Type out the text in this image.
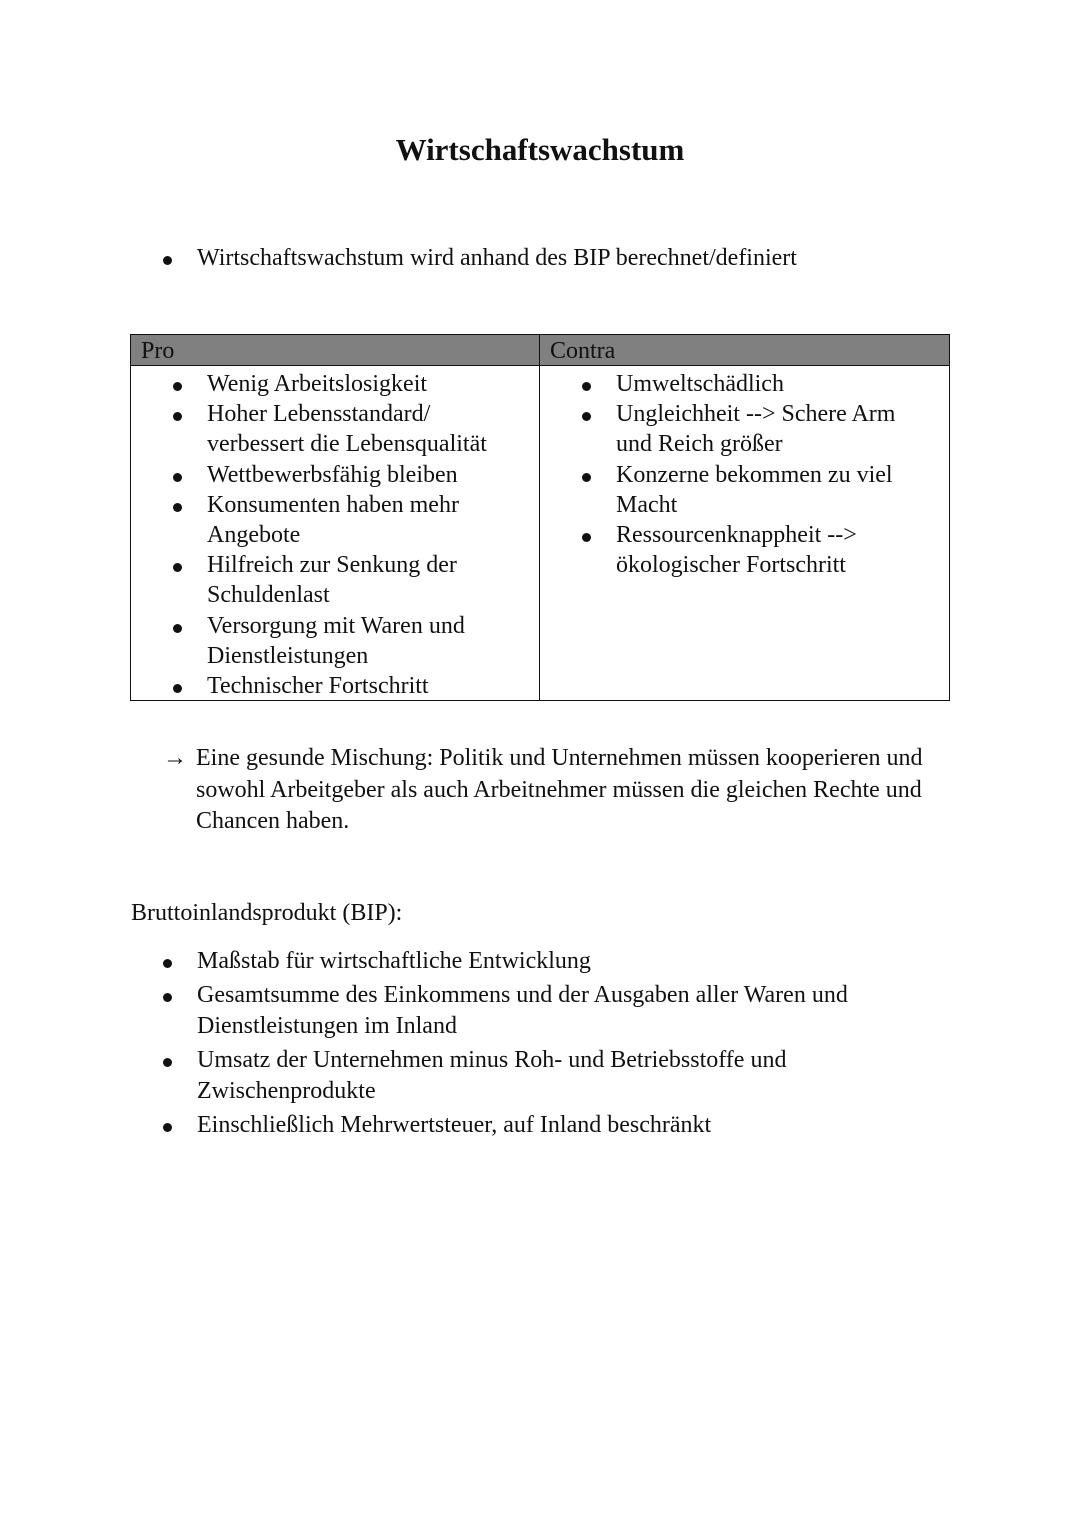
Wirtschaftswachstum
Wirtschaftswachstum wird anhand des BIP berechnet/definiert
Pro	Contra
Wenig Arbeitslosigkeit
Hoher Lebensstandard/ verbessert die Lebensqualität
Wettbewerbsfähig bleiben
Konsumenten haben mehr Angebote
Hilfreich zur Senkung der Schuldenlast
Versorgung mit Waren und Dienstleistungen
Technischer Fortschritt
Umweltschädlich
Ungleichheit --> Schere Arm und Reich größer
Konzerne bekommen zu viel Macht
Ressourcenknappheit --> ökologischer Fortschritt
→ Eine gesunde Mischung: Politik und Unternehmen müssen kooperieren und sowohl Arbeitgeber als auch Arbeitnehmer müssen die gleichen Rechte und Chancen haben.
Bruttoinlandsprodukt (BIP):
Maßstab für wirtschaftliche Entwicklung
Gesamtsumme des Einkommens und der Ausgaben aller Waren und Dienstleistungen im Inland
Umsatz der Unternehmen minus Roh- und Betriebsstoffe und Zwischenprodukte
Einschließlich Mehrwertsteuer, auf Inland beschränkt
